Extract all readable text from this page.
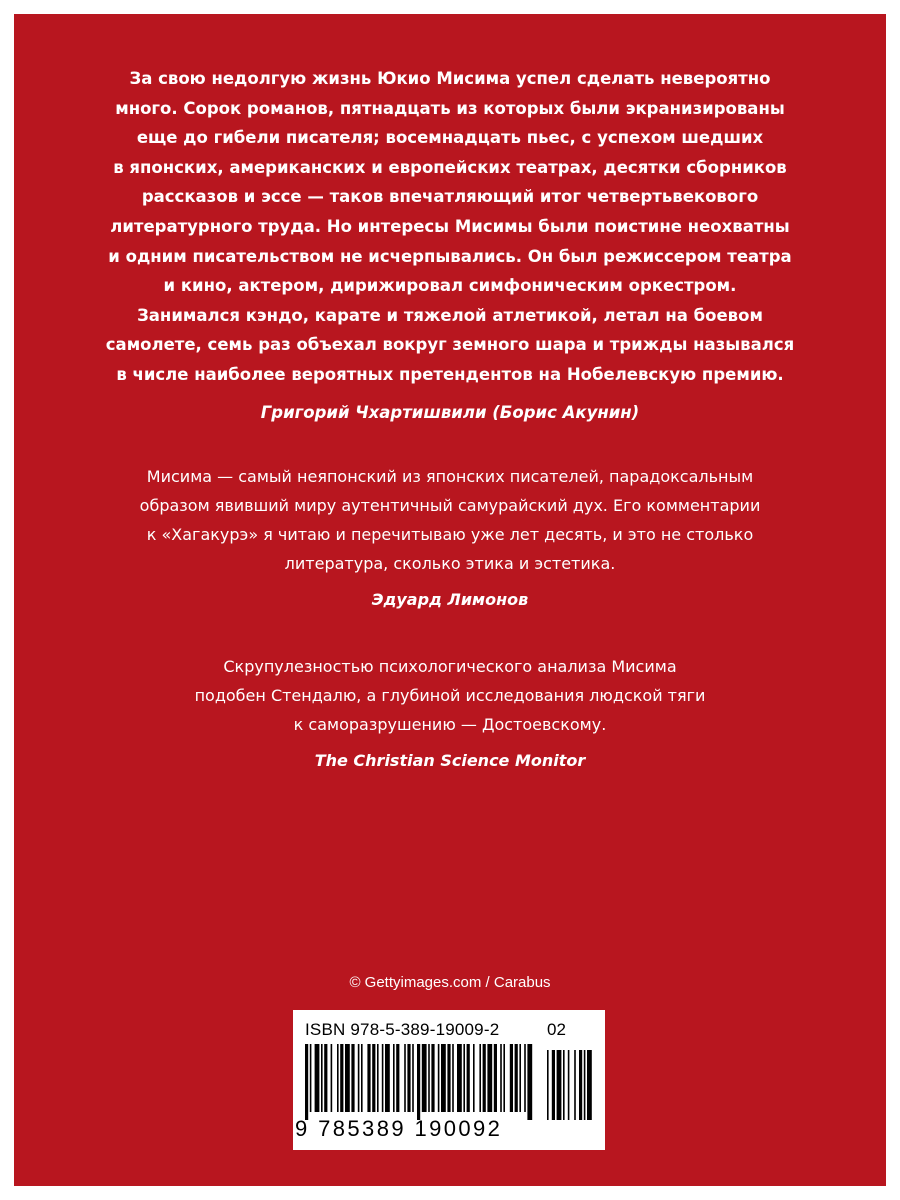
За свою недолгую жизнь Юкио Мисима успел сделать невероятно
много. Сорок романов, пятнадцать из которых были экранизированы
еще до гибели писателя; восемнадцать пьес, с успехом шедших
в японских, американских и европейских театрах, десятки сборников
рассказов и эссе — таков впечатляющий итог четвертьвекового
литературного труда. Но интересы Мисимы были поистине неохватны
и одним писательством не исчерпывались. Он был режиссером театра
и кино, актером, дирижировал симфоническим оркестром.
Занимался кэндо, карате и тяжелой атлетикой, летал на боевом
самолете, семь раз объехал вокруг земного шара и трижды назывался
в числе наиболее вероятных претендентов на Нобелевскую премию.
Григорий Чхартишвили (Борис Акунин)
Мисима — самый неяпонский из японских писателей, парадоксальным
образом явивший миру аутентичный самурайский дух. Его комментарии
к «Хагакурэ» я читаю и перечитываю уже лет десять, и это не столько
литература, сколько этика и эстетика.
Эдуард Лимонов
Скрупулезностью психологического анализа Мисима
подобен Стендалю, а глубиной исследования людской тяги
к саморазрушению — Достоевскому.
The Christian Science Monitor
© Gettyimages.com / Carabus
ISBN 978-5-389-19009-2	02
9 785389 190092
